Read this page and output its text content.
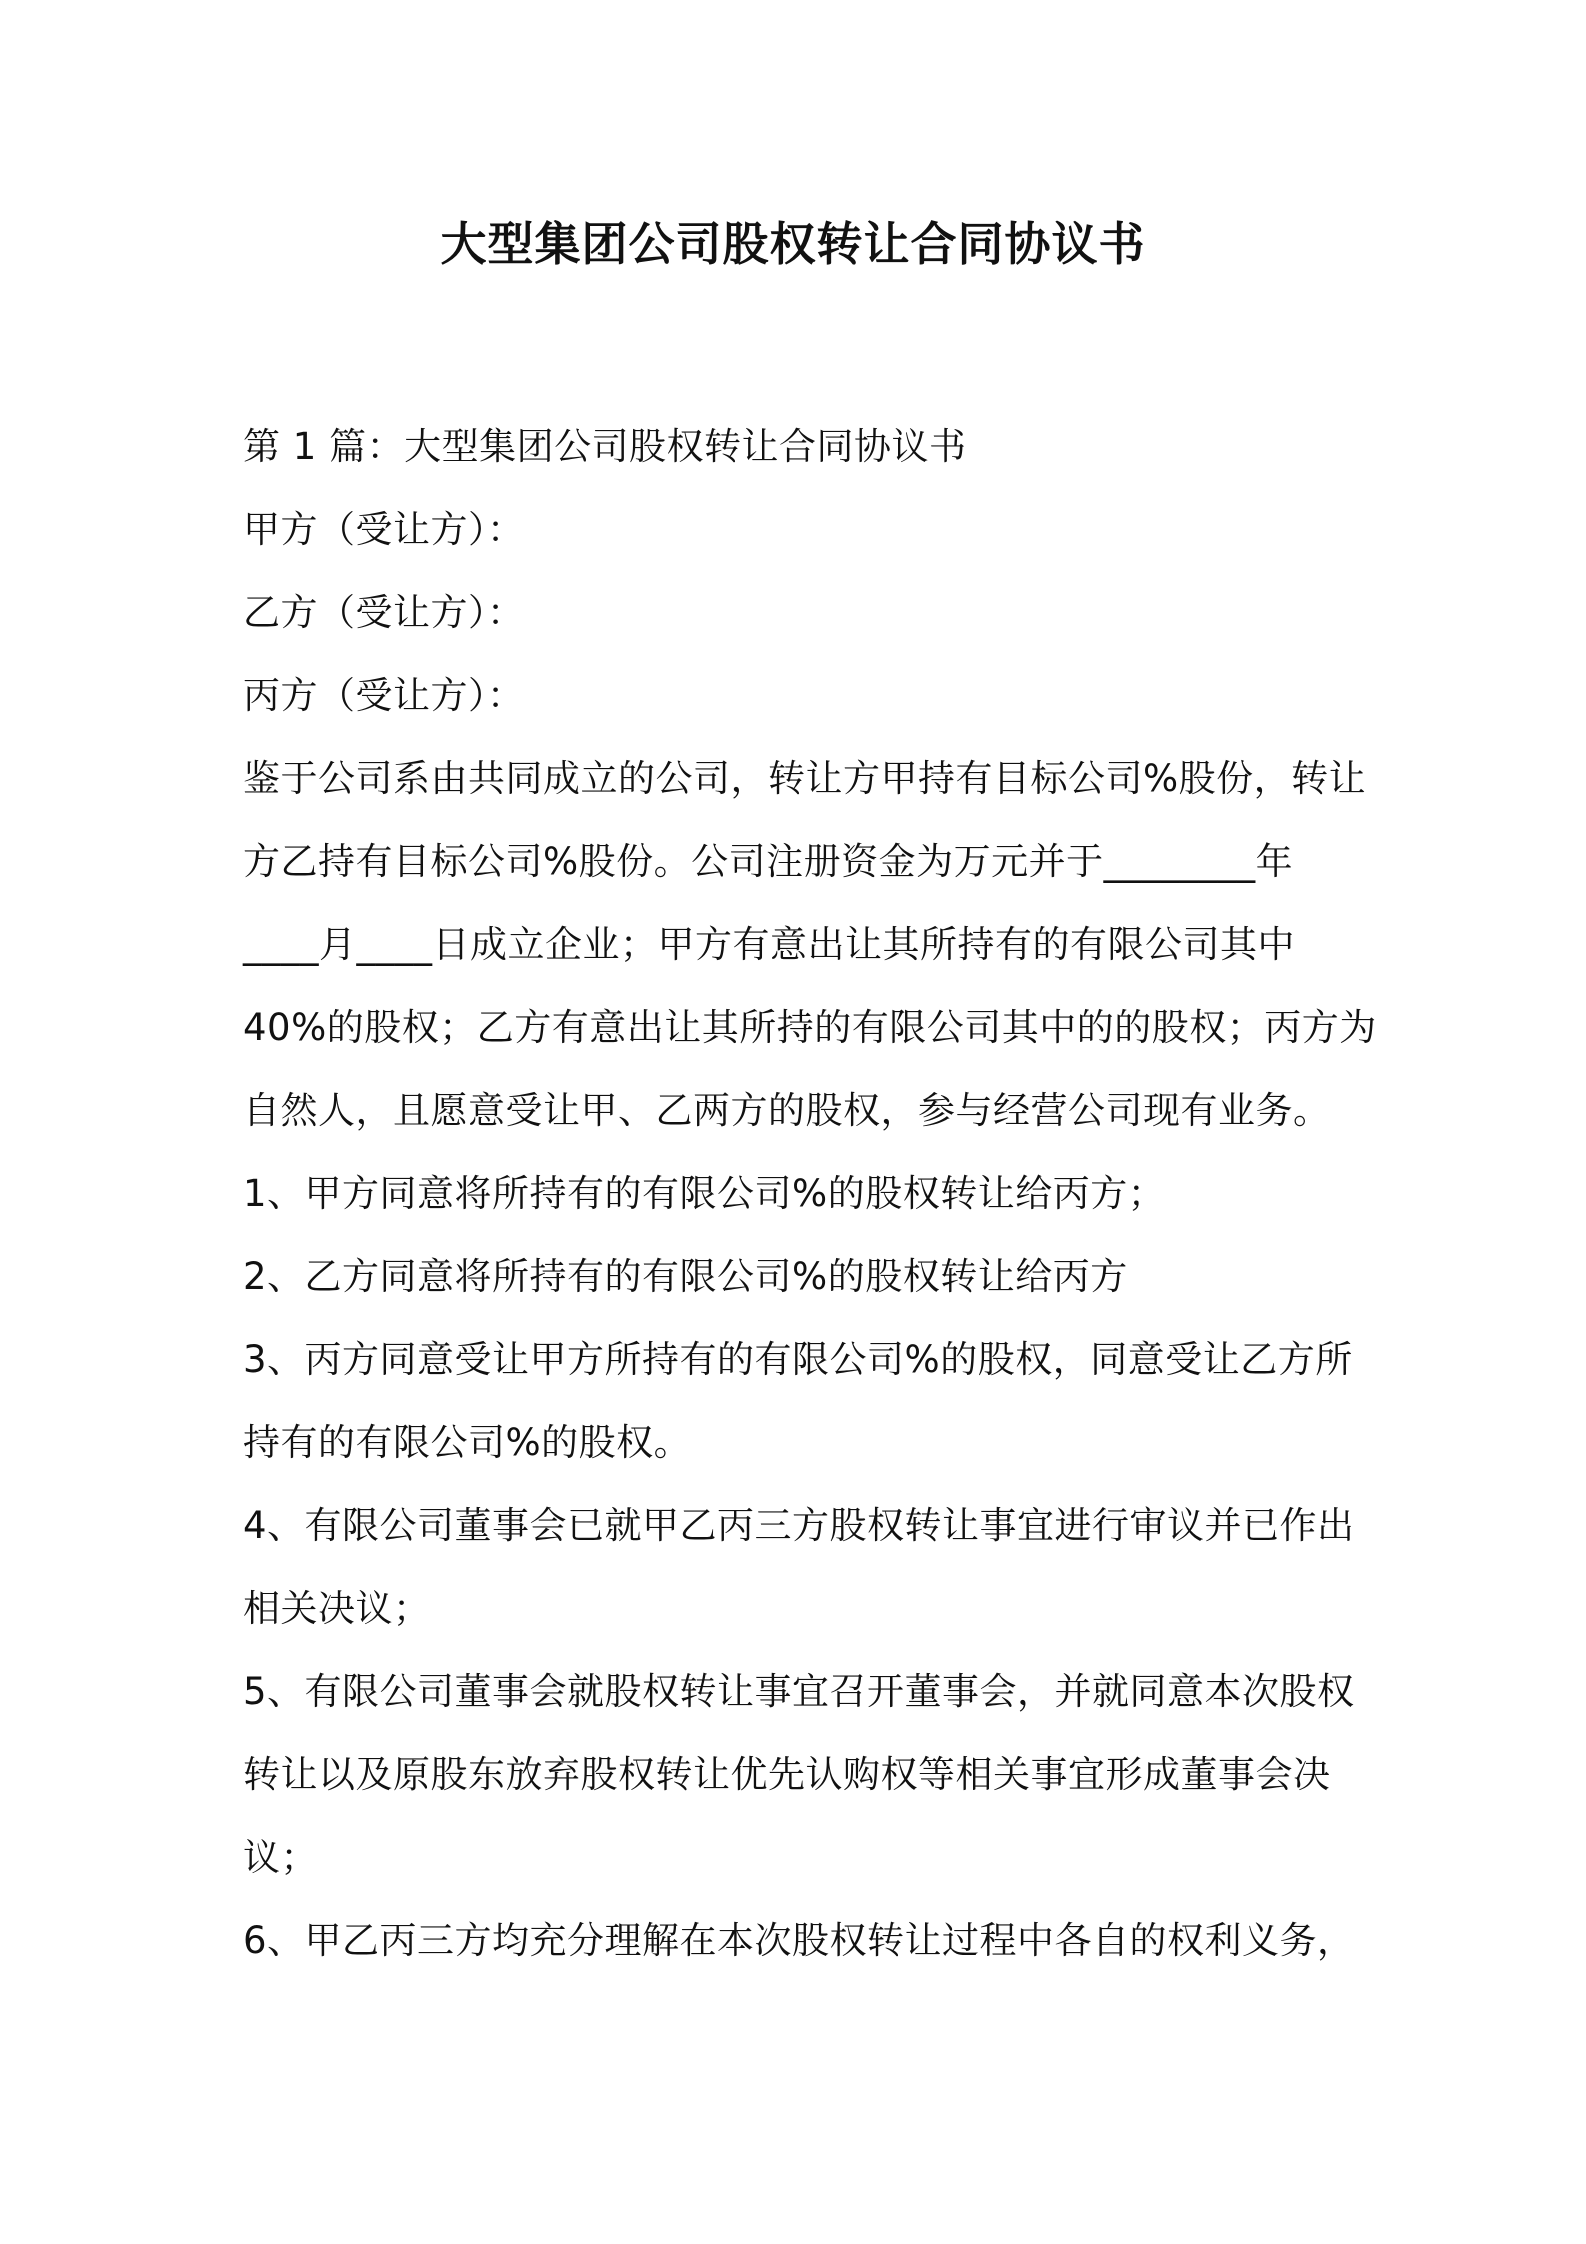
大型集团公司股权转让合同协议书
第 1 篇：大型集团公司股权转让合同协议书
甲方（受让方）：
乙方（受让方）：
丙方（受让方）：
鉴于公司系由共同成立的公司，转让方甲持有目标公司%股份，转让
方乙持有目标公司%股份。公司注册资金为万元并于________年
____月____日成立企业；甲方有意出让其所持有的有限公司其中
40%的股权；乙方有意出让其所持的有限公司其中的的股权；丙方为
自然人，且愿意受让甲、乙两方的股权，参与经营公司现有业务。
1、甲方同意将所持有的有限公司%的股权转让给丙方；
2、乙方同意将所持有的有限公司%的股权转让给丙方
3、丙方同意受让甲方所持有的有限公司%的股权，同意受让乙方所
持有的有限公司%的股权。
4、有限公司董事会已就甲乙丙三方股权转让事宜进行审议并已作出
相关决议；
5、有限公司董事会就股权转让事宜召开董事会，并就同意本次股权
转让以及原股东放弃股权转让优先认购权等相关事宜形成董事会决
议；
6、甲乙丙三方均充分理解在本次股权转让过程中各自的权利义务，
